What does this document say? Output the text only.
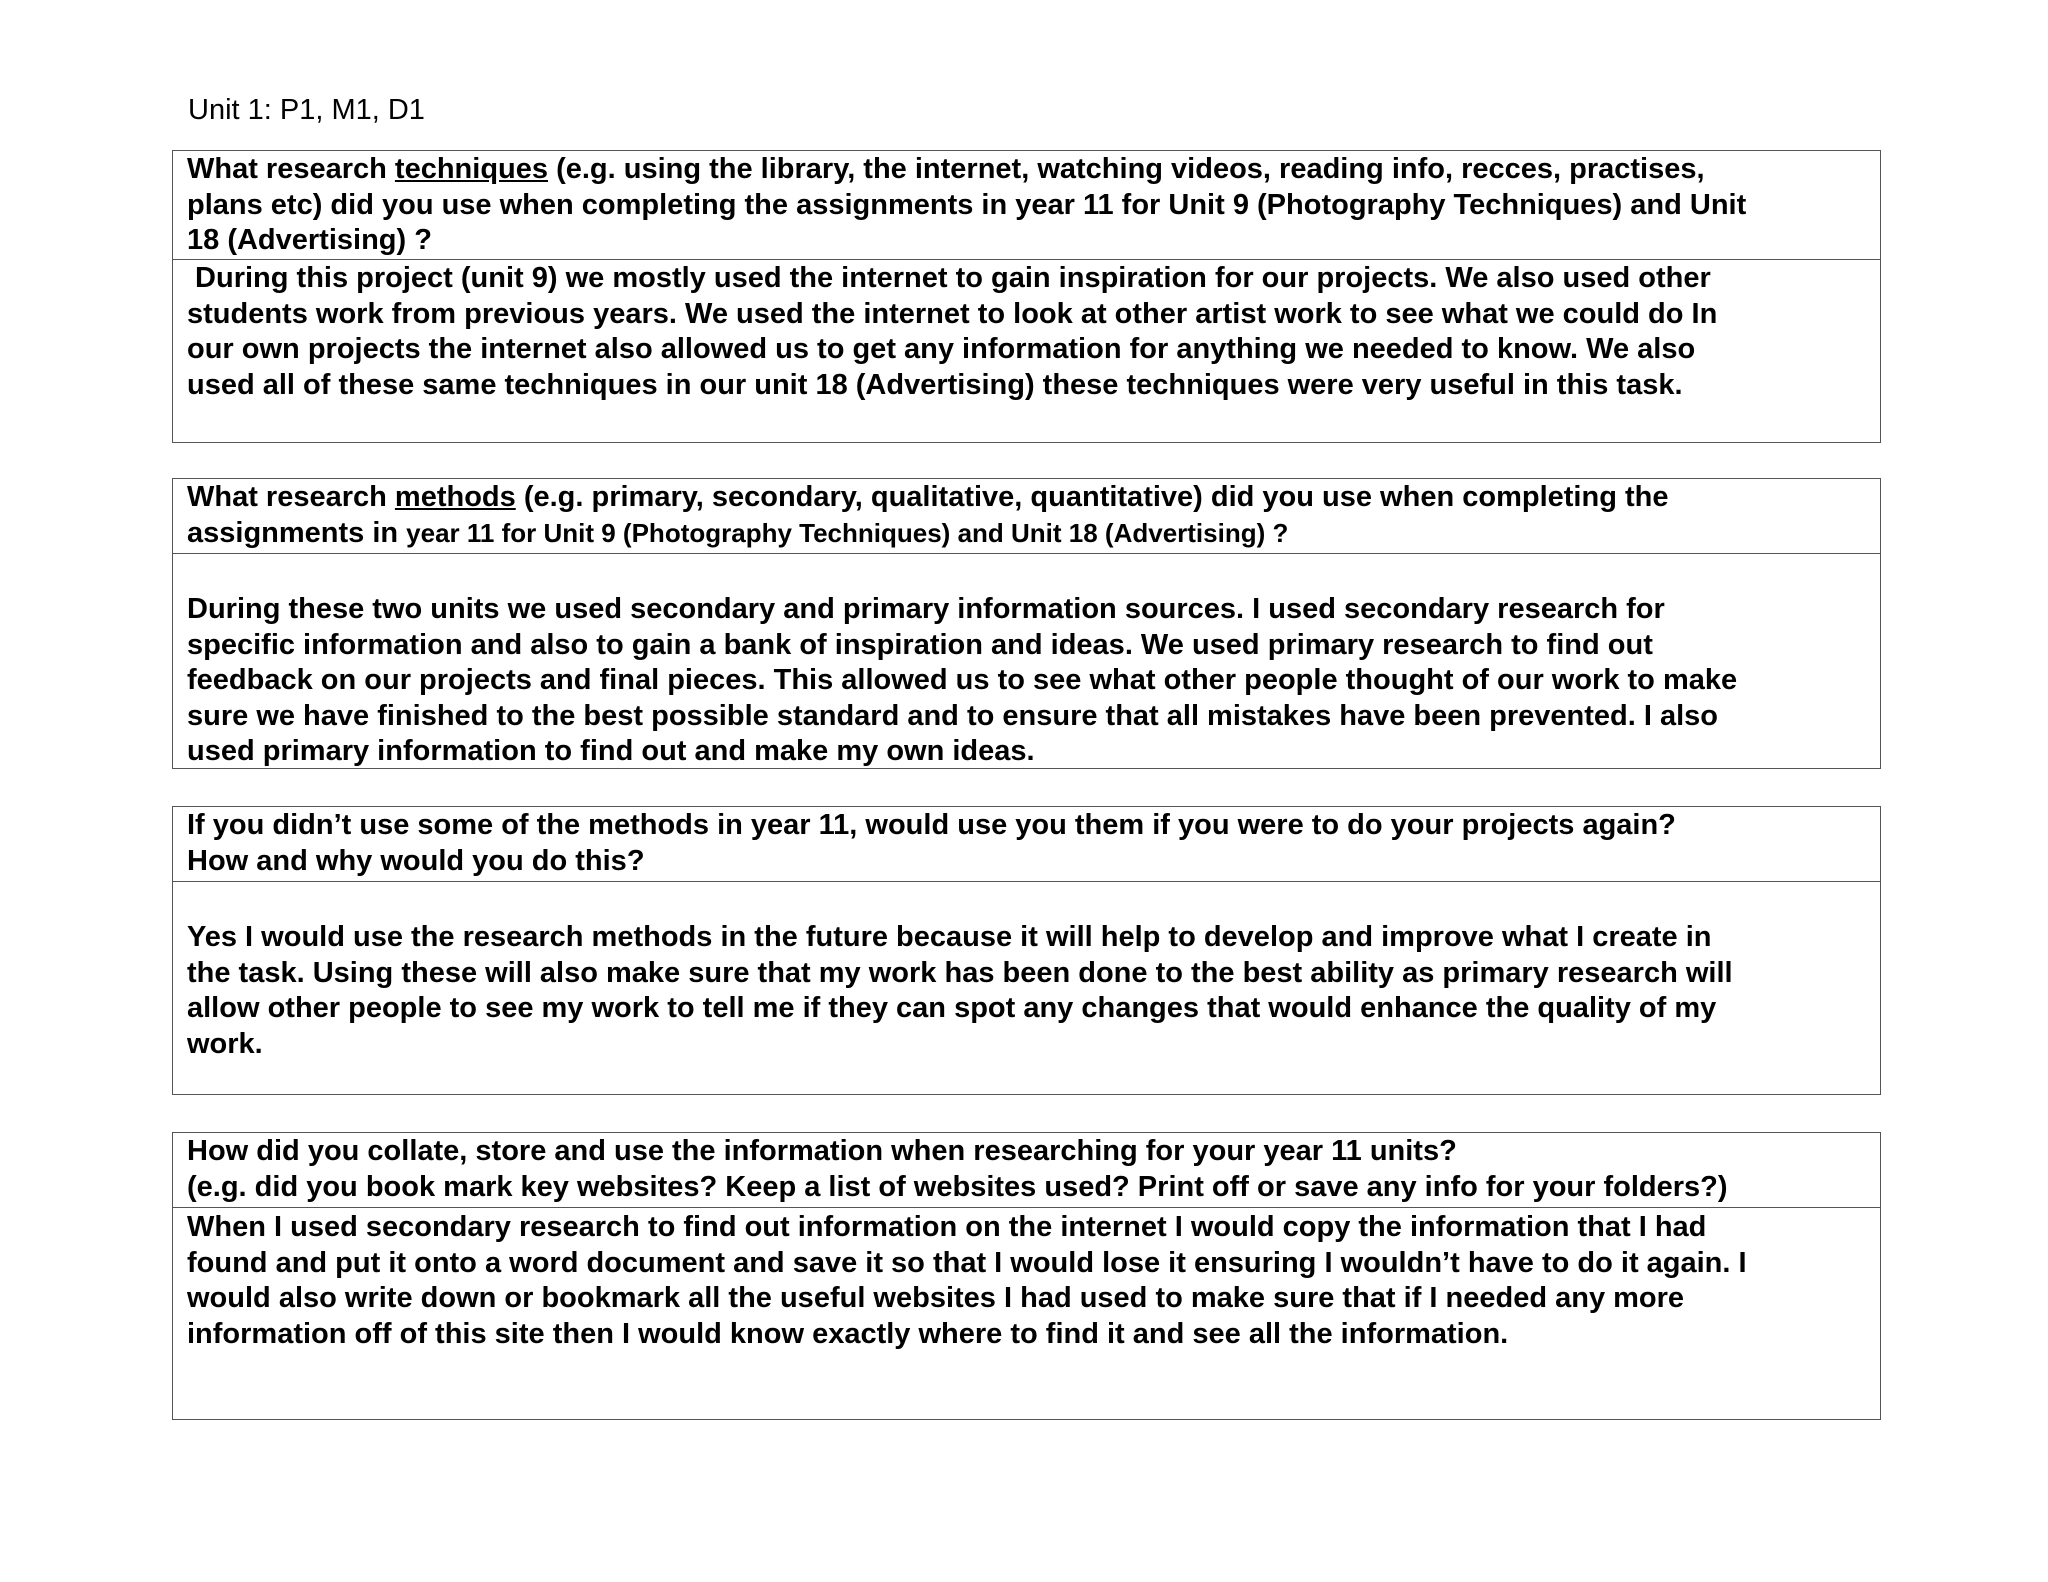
Unit 1: P1, M1, D1
What research techniques (e.g. using the library, the internet, watching videos, reading info, recces, practises,
plans etc) did you use when completing the assignments in year 11 for Unit 9 (Photography Techniques) and Unit
18 (Advertising) ?
During this project (unit 9) we mostly used the internet to gain inspiration for our projects. We also used other
students work from previous years. We used the internet to look at other artist work to see what we could do In
our own projects the internet also allowed us to get any information for anything we needed to know. We also
used all of these same techniques in our unit 18 (Advertising) these techniques were very useful in this task.
What research methods (e.g. primary, secondary, qualitative, quantitative) did you use when completing the
assignments in year 11 for Unit 9 (Photography Techniques) and Unit 18 (Advertising) ?
During these two units we used secondary and primary information sources. I used secondary research for
specific information and also to gain a bank of inspiration and ideas. We used primary research to find out
feedback on our projects and final pieces. This allowed us to see what other people thought of our work to make
sure we have finished to the best possible standard and to ensure that all mistakes have been prevented. I also
used primary information to find out and make my own ideas.
If you didn’t use some of the methods in year 11, would use you them if you were to do your projects again?
How and why would you do this?
Yes I would use the research methods in the future because it will help to develop and improve what I create in
the task. Using these will also make sure that my work has been done to the best ability as primary research will
allow other people to see my work to tell me if they can spot any changes that would enhance the quality of my
work.
How did you collate, store and use the information when researching for your year 11 units?
(e.g. did you book mark key websites? Keep a list of websites used? Print off or save any info for your folders?)
When I used secondary research to find out information on the internet I would copy the information that I had
found and put it onto a word document and save it so that I would lose it ensuring I wouldn’t have to do it again. I
would also write down or bookmark all the useful websites I had used to make sure that if I needed any more
information off of this site then I would know exactly where to find it and see all the information.
